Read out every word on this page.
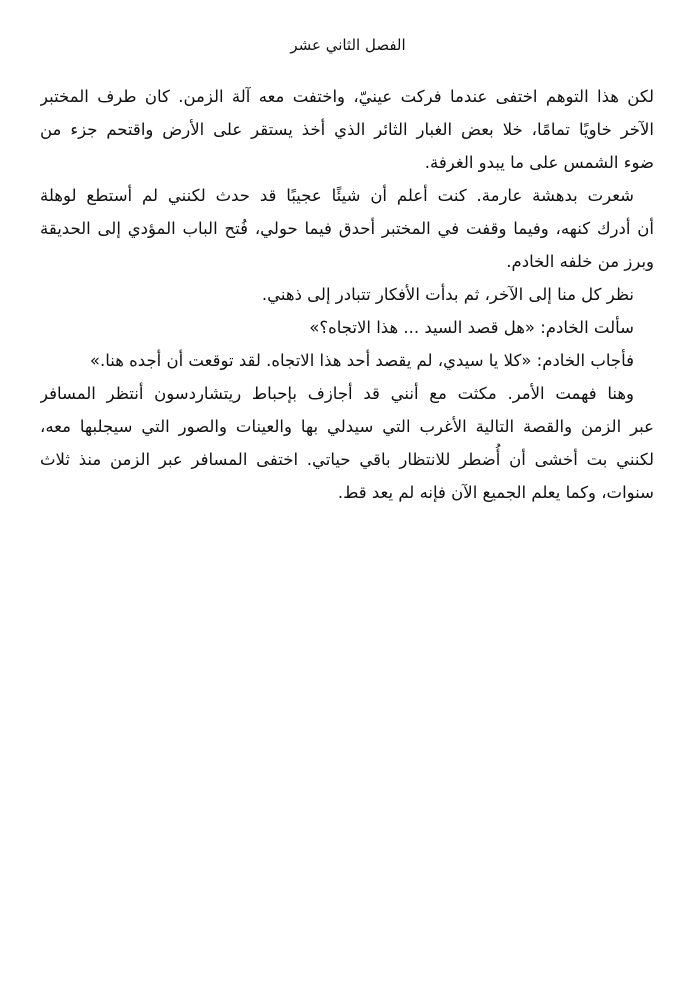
الفصل الثاني عشر
لكن هذا التوهم اختفى عندما فركت عينيّ، واختفت معه آلة الزمن. كان طرف المختبر
الآخر خاويًا تمامًا، خلا بعض الغبار الثائر الذي أخذ يستقر على الأرض واقتحم جزء من
ضوء الشمس على ما يبدو الغرفة.
شعرت بدهشة عارمة. كنت أعلم أن شيئًا عجيبًا قد حدث لكنني لم أستطع لوهلة
أن أدرك كنهه، وفيما وقفت في المختبر أحدق فيما حولي، فُتح الباب المؤدي إلى الحديقة
وبرز من خلفه الخادم.
نظر كل منا إلى الآخر، ثم بدأت الأفكار تتبادر إلى ذهني.
سألت الخادم: «هل قصد السيد ... هذا الاتجاه؟»
فأجاب الخادم: «كلا يا سيدي، لم يقصد أحد هذا الاتجاه. لقد توقعت أن أجده هنا.»
وهنا فهمت الأمر. مكثت مع أنني قد أجازف بإحباط ريتشاردسون أنتظر المسافر
عبر الزمن والقصة التالية الأغرب التي سيدلي بها والعينات والصور التي سيجلبها معه،
لكنني بت أخشى أن أُضطر للانتظار باقي حياتي. اختفى المسافر عبر الزمن منذ ثلاث
سنوات، وكما يعلم الجميع الآن فإنه لم يعد قط.
